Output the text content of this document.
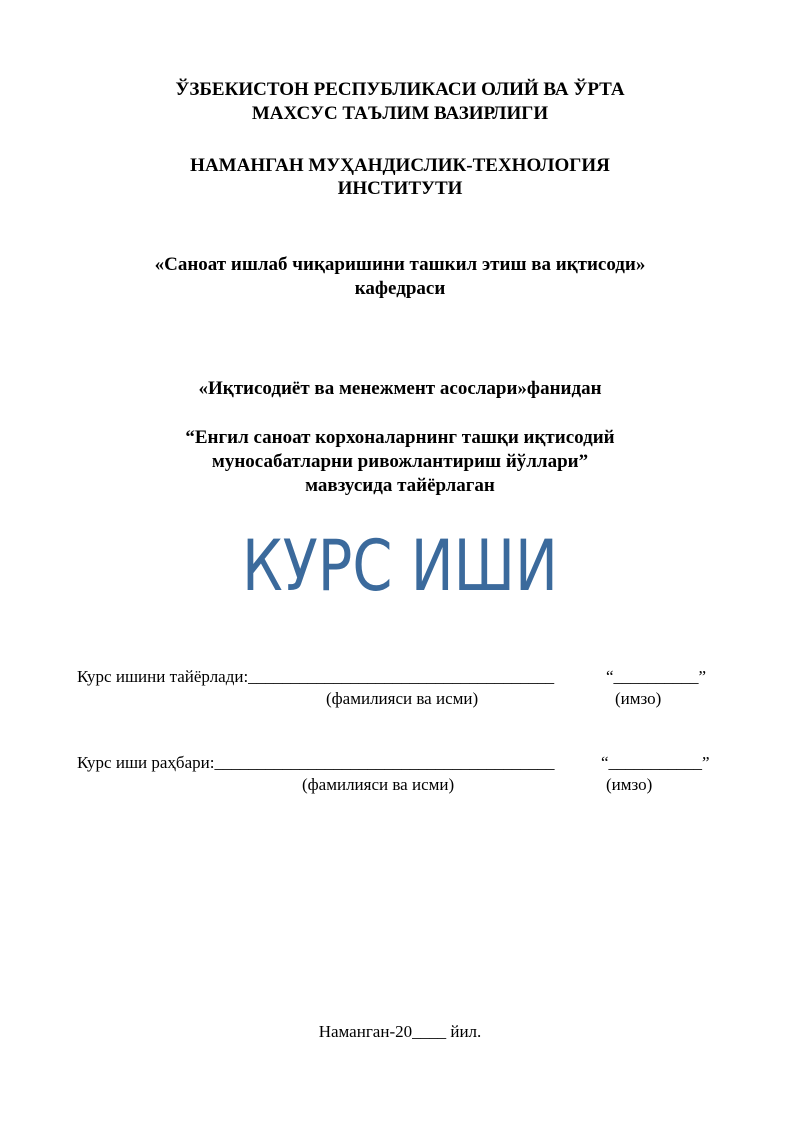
ЎЗБЕКИСТОН РЕСПУБЛИКАСИ ОЛИЙ ВА ЎРТА
МАХСУС ТАЪЛИМ ВАЗИРЛИГИ
НАМАНГАН МУҲАНДИСЛИК-ТЕХНОЛОГИЯ
ИНСТИТУТИ
«Саноат ишлаб чиқаришини ташкил этиш ва иқтисоди»
кафедраси
«Иқтисодиёт ва менежмент асослари»фанидан
“Енгил саноат корхоналарнинг ташқи иқтисодий
муносабатларни ривожлантириш йўллари”
мавзусида тайёрлаган
КУРС ИШИ
Курс ишини тайёрлади:____________________________________	“__________”
(фамилияси ва исми)	(имзо)
Курс иши раҳбари:________________________________________	“___________”
(фамилияси ва исми)	(имзо)
Наманган-20____ йил.
